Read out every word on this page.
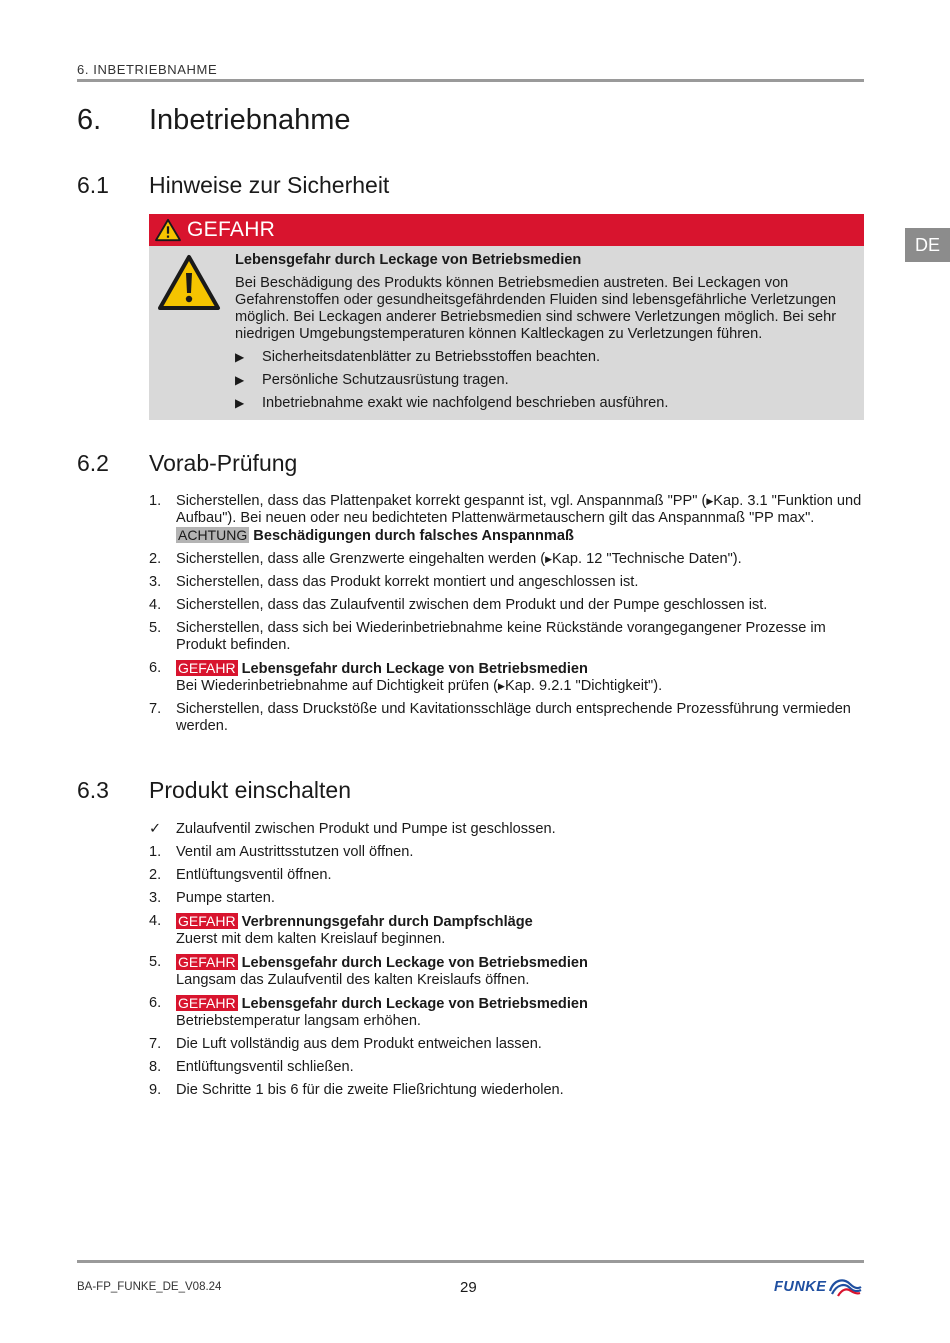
6. INBETRIEBNAHME
DE
6.	Inbetriebnahme
6.1 Hinweise zur Sicherheit
GEFAHR
Lebensgefahr durch Leckage von Betriebsmedien
Bei Beschädigung des Produkts können Betriebsmedien austreten. Bei Leckagen von Gefahrenstoffen oder gesundheitsgefährdenden Fluiden sind lebensgefährliche Verletzungen möglich. Bei Leckagen anderer Betriebsmedien sind schwere Verletzungen möglich. Bei sehr niedrigen Umgebungstemperaturen können Kaltleckagen zu Verletzungen führen.
▶ Sicherheitsdatenblätter zu Betriebsstoffen beachten.
▶ Persönliche Schutzausrüstung tragen.
▶ Inbetriebnahme exakt wie nachfolgend beschrieben ausführen.
6.2 Vorab-Prüfung
1. Sicherstellen, dass das Plattenpaket korrekt gespannt ist, vgl. Anspannmaß "PP" (▶Kap. 3.1 "Funktion und Aufbau"). Bei neuen oder neu bedichteten Plattenwärmetauschern gilt das Anspannmaß "PP max".
ACHTUNG Beschädigungen durch falsches Anspannmaß
2. Sicherstellen, dass alle Grenzwerte eingehalten werden (▶Kap. 12 "Technische Daten").
3. Sicherstellen, dass das Produkt korrekt montiert und angeschlossen ist.
4. Sicherstellen, dass das Zulaufventil zwischen dem Produkt und der Pumpe geschlossen ist.
5. Sicherstellen, dass sich bei Wiederinbetriebnahme keine Rückstände vorangegangener Prozesse im Produkt befinden.
6. GEFAHR Lebensgefahr durch Leckage von Betriebsmedien
Bei Wiederinbetriebnahme auf Dichtigkeit prüfen (▶Kap. 9.2.1 "Dichtigkeit").
7. Sicherstellen, dass Druckstöße und Kavitationsschläge durch entsprechende Prozessführung vermieden werden.
6.3 Produkt einschalten
✓ Zulaufventil zwischen Produkt und Pumpe ist geschlossen.
1. Ventil am Austrittsstutzen voll öffnen.
2. Entlüftungsventil öffnen.
3. Pumpe starten.
4. GEFAHR Verbrennungsgefahr durch Dampfschläge
Zuerst mit dem kalten Kreislauf beginnen.
5. GEFAHR Lebensgefahr durch Leckage von Betriebsmedien
Langsam das Zulaufventil des kalten Kreislaufs öffnen.
6. GEFAHR Lebensgefahr durch Leckage von Betriebsmedien
Betriebstemperatur langsam erhöhen.
7. Die Luft vollständig aus dem Produkt entweichen lassen.
8. Entlüftungsventil schließen.
9. Die Schritte 1 bis 6 für die zweite Fließrichtung wiederholen.
BA-FP_FUNKE_DE_V08.24	29	FUNKE
